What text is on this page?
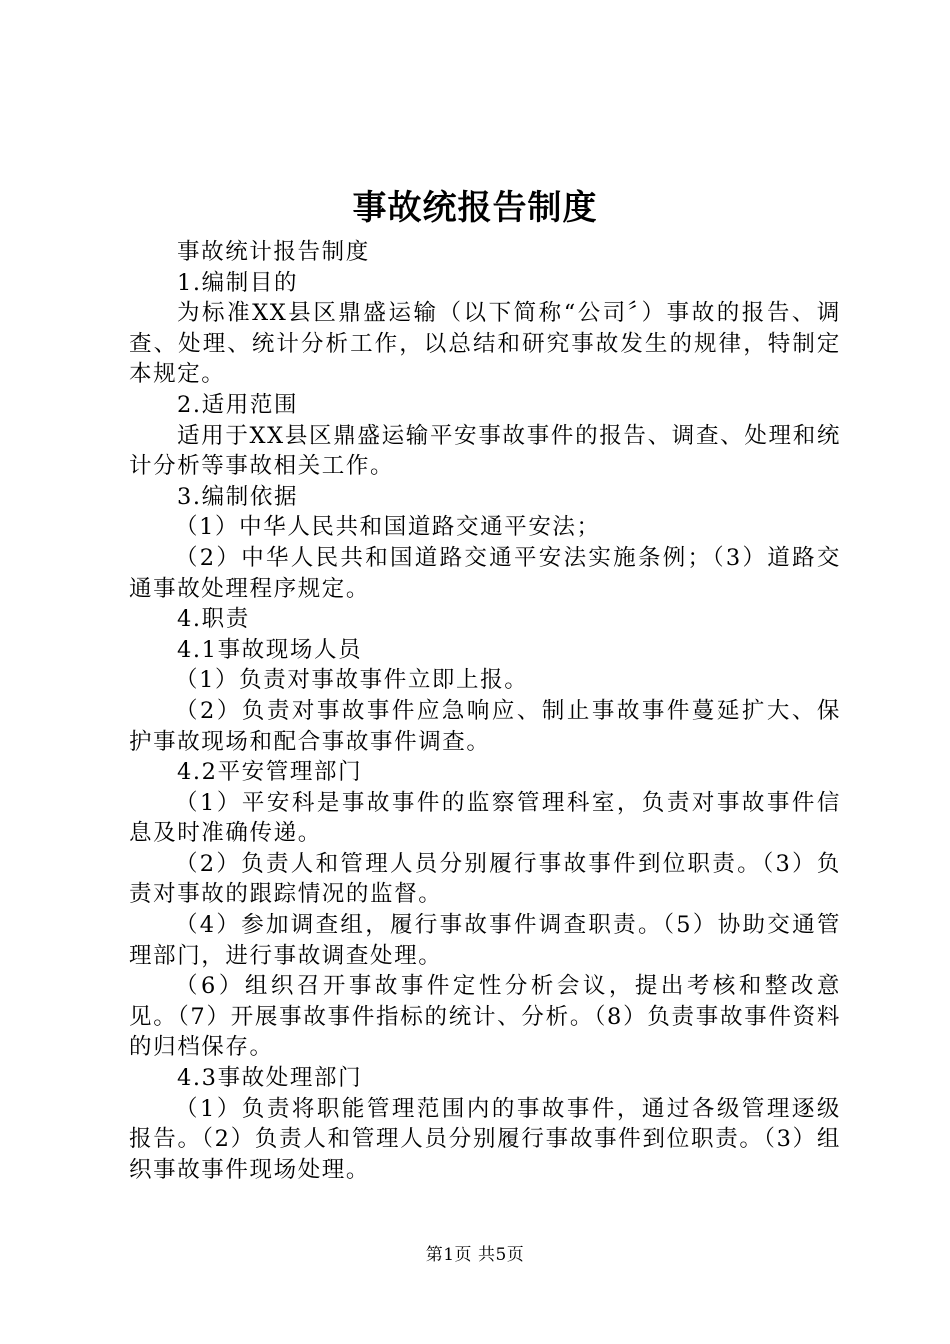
事故统报告制度

事故统计报告制度

1.编制目的

为标准XX县区鼎盛运输（以下简称“公司〞）事故的报告、调查、处理、统计分析工作，以总结和研究事故发生的规律，特制定本规定。

2.适用范围

适用于XX县区鼎盛运输平安事故事件的报告、调查、处理和统计分析等事故相关工作。

3.编制依据

（1）中华人民共和国道路交通平安法；

（2）中华人民共和国道路交通平安法实施条例；（3）道路交通事故处理程序规定。

4.职责

4.1事故现场人员

（1）负责对事故事件立即上报。

（2）负责对事故事件应急响应、制止事故事件蔓延扩大、保护事故现场和配合事故事件调查。

4.2平安管理部门

（1）平安科是事故事件的监察管理科室，负责对事故事件信息及时准确传递。

（2）负责人和管理人员分别履行事故事件到位职责。（3）负责对事故的跟踪情况的监督。

（4）参加调查组，履行事故事件调查职责。（5）协助交通管理部门，进行事故调查处理。

（6）组织召开事故事件定性分析会议，提出考核和整改意见。（7）开展事故事件指标的统计、分析。（8）负责事故事件资料的归档保存。

4.3事故处理部门

（1）负责将职能管理范围内的事故事件，通过各级管理逐级报告。（2）负责人和管理人员分别履行事故事件到位职责。（3）组织事故事件现场处理。

第1页 共5页
